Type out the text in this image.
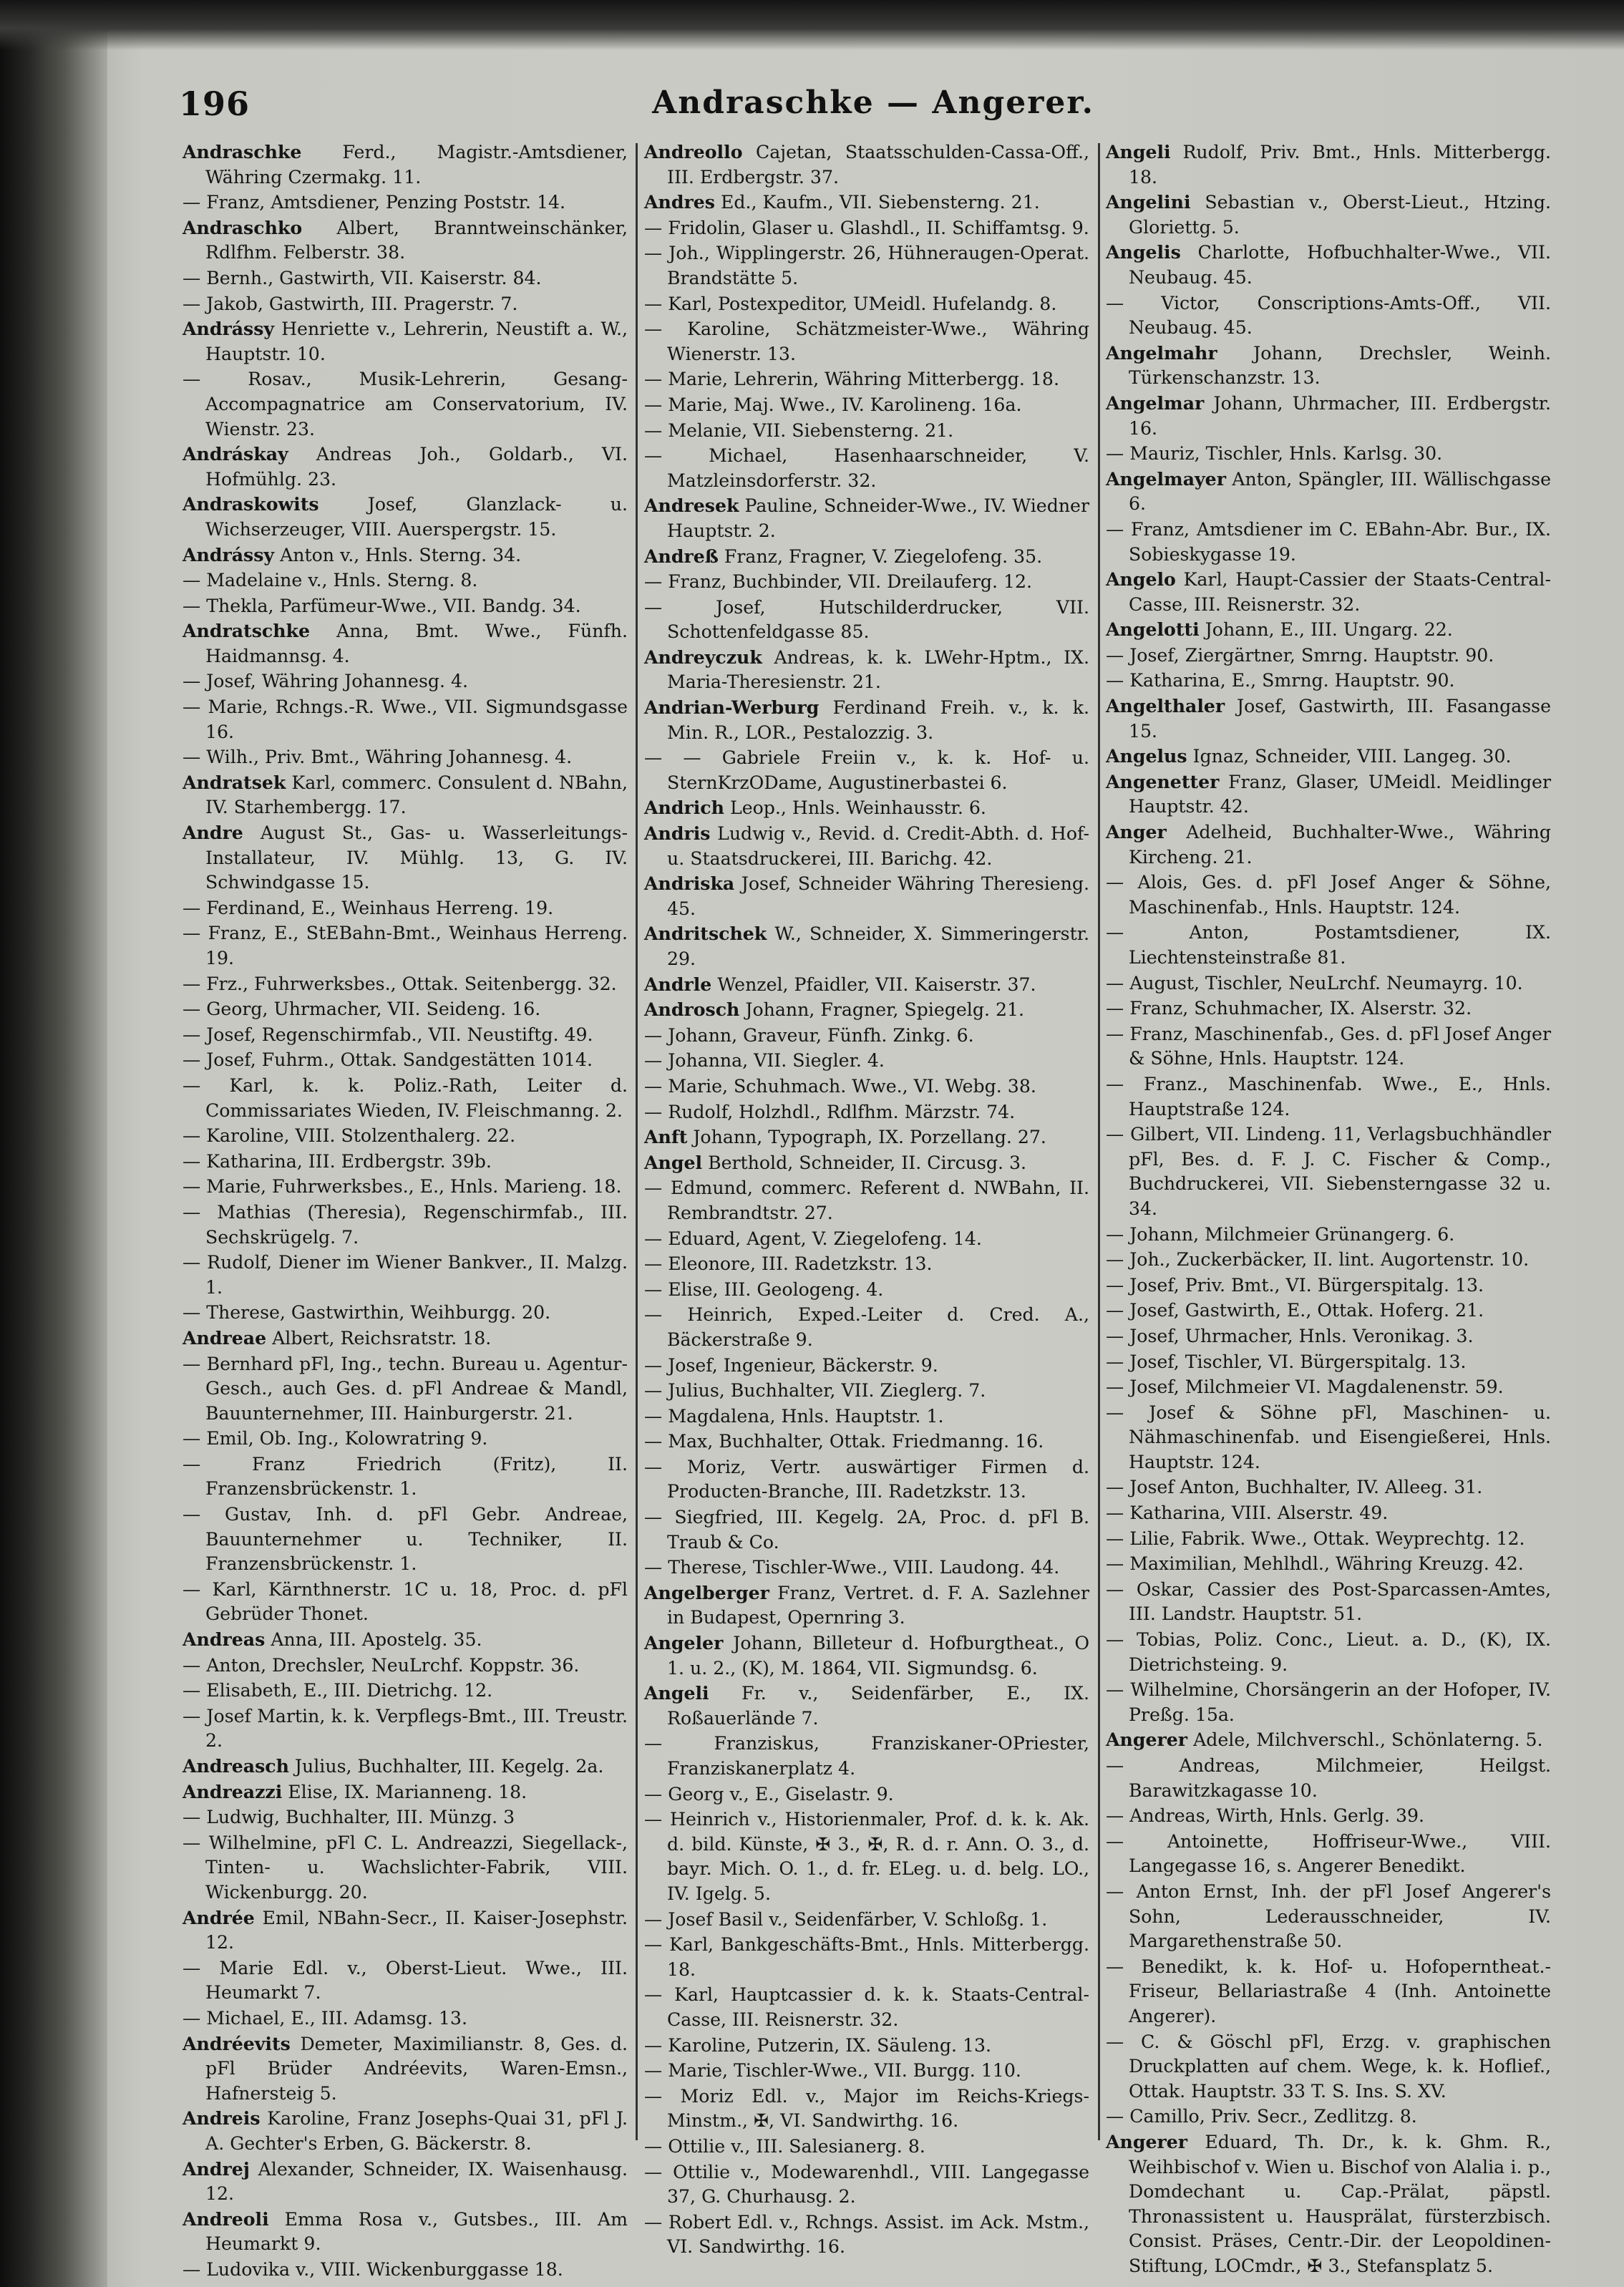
196	Andraschke — Angerer.
Andraschke Ferd., Magistr.-Amtsdiener, Währing Czermakg. 11.
— Franz, Amtsdiener, Penzing Poststr. 14.
Andraschko Albert, Branntweinschänker, Rdlfhm. Felberstr. 38.
— Bernh., Gastwirth, VII. Kaiserstr. 84.
— Jakob, Gastwirth, III. Pragerstr. 7.
Andrássy Henriette v., Lehrerin, Neustift a. W., Hauptstr. 10.
— Rosav., Musik-Lehrerin, Gesang-Accompagnatrice am Conservatorium, IV. Wienstr. 23.
Andráskay Andreas Joh., Goldarb., VI. Hofmühlg. 23.
Andraskowits Josef, Glanzlack- u. Wichserzeuger, VIII. Auerspergstr. 15.
Andrássy Anton v., Hnls. Sterng. 34.
— Madelaine v., Hnls. Sterng. 8.
— Thekla, Parfümeur-Wwe., VII. Bandg. 34.
Andratschke Anna, Bmt. Wwe., Fünfh. Haidmannsg. 4.
— Josef, Währing Johannesg. 4.
— Marie, Rchngs.-R. Wwe., VII. Sigmundsgasse 16.
— Wilh., Priv. Bmt., Währing Johannesg. 4.
Andratsek Karl, commerc. Consulent d. NBahn, IV. Starhembergg. 17.
Andre August St., Gas- u. Wasserleitungs-Installateur, IV. Mühlg. 13, G. IV. Schwindgasse 15.
— Ferdinand, E., Weinhaus Herreng. 19.
— Franz, E., StEBahn-Bmt., Weinhaus Herreng. 19.
— Frz., Fuhrwerksbes., Ottak. Seitenbergg. 32.
— Georg, Uhrmacher, VII. Seideng. 16.
— Josef, Regenschirmfab., VII. Neustiftg. 49.
— Josef, Fuhrm., Ottak. Sandgestätten 1014.
— Karl, k. k. Poliz.-Rath, Leiter d. Commissariates Wieden, IV. Fleischmanng. 2.
— Karoline, VIII. Stolzenthalerg. 22.
— Katharina, III. Erdbergstr. 39b.
— Marie, Fuhrwerksbes., E., Hnls. Marieng. 18.
— Mathias (Theresia), Regenschirmfab., III. Sechskrügelg. 7.
— Rudolf, Diener im Wiener Bankver., II. Malzg. 1.
— Therese, Gastwirthin, Weihburgg. 20.
Andreae Albert, Reichsratstr. 18.
— Bernhard pFl, Ing., techn. Bureau u. Agentur-Gesch., auch Ges. d. pFl Andreae & Mandl, Bauunternehmer, III. Hainburgerstr. 21.
— Emil, Ob. Ing., Kolowratring 9.
— Franz Friedrich (Fritz), II. Franzensbrückenstr. 1.
— Gustav, Inh. d. pFl Gebr. Andreae, Bauunternehmer u. Techniker, II. Franzensbrückenstr. 1.
— Karl, Kärnthnerstr. 1C u. 18, Proc. d. pFl Gebrüder Thonet.
Andreas Anna, III. Apostelg. 35.
— Anton, Drechsler, NeuLrchf. Koppstr. 36.
— Elisabeth, E., III. Dietrichg. 12.
— Josef Martin, k. k. Verpflegs-Bmt., III. Treustr. 2.
Andreasch Julius, Buchhalter, III. Kegelg. 2a.
Andreazzi Elise, IX. Marianneng. 18.
— Ludwig, Buchhalter, III. Münzg. 3
— Wilhelmine, pFl C. L. Andreazzi, Siegellack-, Tinten- u. Wachslichter-Fabrik, VIII. Wickenburgg. 20.
Andrée Emil, NBahn-Secr., II. Kaiser-Josephstr. 12.
— Marie Edl. v., Oberst-Lieut. Wwe., III. Heumarkt 7.
— Michael, E., III. Adamsg. 13.
Andréevits Demeter, Maximilianstr. 8, Ges. d. pFl Brüder Andréevits, Waren-Emsn., Hafnersteig 5.
Andreis Karoline, Franz Josephs-Quai 31, pFl J. A. Gechter's Erben, G. Bäckerstr. 8.
Andrej Alexander, Schneider, IX. Waisenhausg. 12.
Andreoli Emma Rosa v., Gutsbes., III. Am Heumarkt 9.
— Ludovika v., VIII. Wickenburggasse 18.
Andreollo Cajetan, Staatsschulden-Cassa-Off., III. Erdbergstr. 37.
Andres Ed., Kaufm., VII. Siebensterng. 21.
— Fridolin, Glaser u. Glashdl., II. Schiffamtsg. 9.
— Joh., Wipplingerstr. 26, Hühneraugen-Operat. Brandstätte 5.
— Karl, Postexpeditor, UMeidl. Hufelandg. 8.
— Karoline, Schätzmeister-Wwe., Währing Wienerstr. 13.
— Marie, Lehrerin, Währing Mitterbergg. 18.
— Marie, Maj. Wwe., IV. Karolineng. 16a.
— Melanie, VII. Siebensterng. 21.
— Michael, Hasenhaarschneider, V. Matzleinsdorferstr. 32.
Andresek Pauline, Schneider-Wwe., IV. Wiedner Hauptstr. 2.
Andreß Franz, Fragner, V. Ziegelofeng. 35.
— Franz, Buchbinder, VII. Dreilauferg. 12.
— Josef, Hutschilderdrucker, VII. Schottenfeldgasse 85.
Andreyczuk Andreas, k. k. LWehr-Hptm., IX. Maria-Theresienstr. 21.
Andrian-Werburg Ferdinand Freih. v., k. k. Min. R., LOR., Pestalozzig. 3.
— — Gabriele Freiin v., k. k. Hof- u. SternKrzODame, Augustinerbastei 6.
Andrich Leop., Hnls. Weinhausstr. 6.
Andris Ludwig v., Revid. d. Credit-Abth. d. Hof- u. Staatsdruckerei, III. Barichg. 42.
Andriska Josef, Schneider Währing Theresieng. 45.
Andritschek W., Schneider, X. Simmeringerstr. 29.
Andrle Wenzel, Pfaidler, VII. Kaiserstr. 37.
Androsch Johann, Fragner, Spiegelg. 21.
— Johann, Graveur, Fünfh. Zinkg. 6.
— Johanna, VII. Siegler. 4.
— Marie, Schuhmach. Wwe., VI. Webg. 38.
— Rudolf, Holzhdl., Rdlfhm. Märzstr. 74.
Anft Johann, Typograph, IX. Porzellang. 27.
Angel Berthold, Schneider, II. Circusg. 3.
— Edmund, commerc. Referent d. NWBahn, II. Rembrandtstr. 27.
— Eduard, Agent, V. Ziegelofeng. 14.
— Eleonore, III. Radetzkstr. 13.
— Elise, III. Geologeng. 4.
— Heinrich, Exped.-Leiter d. Cred. A., Bäckerstraße 9.
— Josef, Ingenieur, Bäckerstr. 9.
— Julius, Buchhalter, VII. Zieglerg. 7.
— Magdalena, Hnls. Hauptstr. 1.
— Max, Buchhalter, Ottak. Friedmanng. 16.
— Moriz, Vertr. auswärtiger Firmen d. Producten-Branche, III. Radetzkstr. 13.
— Siegfried, III. Kegelg. 2A, Proc. d. pFl B. Traub & Co.
— Therese, Tischler-Wwe., VIII. Laudong. 44.
Angelberger Franz, Vertret. d. F. A. Sazlehner in Budapest, Opernring 3.
Angeler Johann, Billeteur d. Hofburgtheat., O 1. u. 2., (K), M. 1864, VII. Sigmundsg. 6.
Angeli Fr. v., Seidenfärber, E., IX. Roßauerlände 7.
— Franziskus, Franziskaner-OPriester, Franziskanerplatz 4.
— Georg v., E., Giselastr. 9.
— Heinrich v., Historienmaler, Prof. d. k. k. Ak. d. bild. Künste, ✠ 3., ✠, R. d. r. Ann. O. 3., d. bayr. Mich. O. 1., d. fr. ELeg. u. d. belg. LO., IV. Igelg. 5.
— Josef Basil v., Seidenfärber, V. Schloßg. 1.
— Karl, Bankgeschäfts-Bmt., Hnls. Mitterbergg. 18.
— Karl, Hauptcassier d. k. k. Staats-Central-Casse, III. Reisnerstr. 32.
— Karoline, Putzerin, IX. Säuleng. 13.
— Marie, Tischler-Wwe., VII. Burgg. 110.
— Moriz Edl. v., Major im Reichs-Kriegs-Minstm., ✠, VI. Sandwirthg. 16.
— Ottilie v., III. Salesianerg. 8.
— Ottilie v., Modewarenhdl., VIII. Langegasse 37, G. Churhausg. 2.
— Robert Edl. v., Rchngs. Assist. im Ack. Mstm., VI. Sandwirthg. 16.
Angeli Rudolf, Priv. Bmt., Hnls. Mitterbergg. 18.
Angelini Sebastian v., Oberst-Lieut., Htzing. Gloriettg. 5.
Angelis Charlotte, Hofbuchhalter-Wwe., VII. Neubaug. 45.
— Victor, Conscriptions-Amts-Off., VII. Neubaug. 45.
Angelmahr Johann, Drechsler, Weinh. Türkenschanzstr. 13.
Angelmar Johann, Uhrmacher, III. Erdbergstr. 16.
— Mauriz, Tischler, Hnls. Karlsg. 30.
Angelmayer Anton, Spängler, III. Wällischgasse 6.
— Franz, Amtsdiener im C. EBahn-Abr. Bur., IX. Sobieskygasse 19.
Angelo Karl, Haupt-Cassier der Staats-Central-Casse, III. Reisnerstr. 32.
Angelotti Johann, E., III. Ungarg. 22.
— Josef, Ziergärtner, Smrng. Hauptstr. 90.
— Katharina, E., Smrng. Hauptstr. 90.
Angelthaler Josef, Gastwirth, III. Fasangasse 15.
Angelus Ignaz, Schneider, VIII. Langeg. 30.
Angenetter Franz, Glaser, UMeidl. Meidlinger Hauptstr. 42.
Anger Adelheid, Buchhalter-Wwe., Währing Kircheng. 21.
— Alois, Ges. d. pFl Josef Anger & Söhne, Maschinenfab., Hnls. Hauptstr. 124.
— Anton, Postamtsdiener, IX. Liechtensteinstraße 81.
— August, Tischler, NeuLrchf. Neumayrg. 10.
— Franz, Schuhmacher, IX. Alserstr. 32.
— Franz, Maschinenfab., Ges. d. pFl Josef Anger & Söhne, Hnls. Hauptstr. 124.
— Franz., Maschinenfab. Wwe., E., Hnls. Hauptstraße 124.
— Gilbert, VII. Lindeng. 11, Verlagsbuchhändler pFl, Bes. d. F. J. C. Fischer & Comp., Buchdruckerei, VII. Siebensterngasse 32 u. 34.
— Johann, Milchmeier Grünangerg. 6.
— Joh., Zuckerbäcker, II. lint. Augortenstr. 10.
— Josef, Priv. Bmt., VI. Bürgerspitalg. 13.
— Josef, Gastwirth, E., Ottak. Hoferg. 21.
— Josef, Uhrmacher, Hnls. Veronikag. 3.
— Josef, Tischler, VI. Bürgerspitalg. 13.
— Josef, Milchmeier VI. Magdalenenstr. 59.
— Josef & Söhne pFl, Maschinen- u. Nähmaschinenfab. und Eisengießerei, Hnls. Hauptstr. 124.
— Josef Anton, Buchhalter, IV. Alleeg. 31.
— Katharina, VIII. Alserstr. 49.
— Lilie, Fabrik. Wwe., Ottak. Weyprechtg. 12.
— Maximilian, Mehlhdl., Währing Kreuzg. 42.
— Oskar, Cassier des Post-Sparcassen-Amtes, III. Landstr. Hauptstr. 51.
— Tobias, Poliz. Conc., Lieut. a. D., (K), IX. Dietrichsteing. 9.
— Wilhelmine, Chorsängerin an der Hofoper, IV. Preßg. 15a.
Angerer Adele, Milchverschl., Schönlaterng. 5.
— Andreas, Milchmeier, Heilgst. Barawitzkagasse 10.
— Andreas, Wirth, Hnls. Gerlg. 39.
— Antoinette, Hoffriseur-Wwe., VIII. Langegasse 16, s. Angerer Benedikt.
— Anton Ernst, Inh. der pFl Josef Angerer's Sohn, Lederausschneider, IV. Margarethenstraße 50.
— Benedikt, k. k. Hof- u. Hofoperntheat.-Friseur, Bellariastraße 4 (Inh. Antoinette Angerer).
— C. & Göschl pFl, Erzg. v. graphischen Druckplatten auf chem. Wege, k. k. Hoflief., Ottak. Hauptstr. 33 T. S. Ins. S. XV.
— Camillo, Priv. Secr., Zedlitzg. 8.
Angerer Eduard, Th. Dr., k. k. Ghm. R., Weihbischof v. Wien u. Bischof von Alalia i. p., Domdechant u. Cap.-Prälat, päpstl. Thronassistent u. Hausprälat, fürsterzbisch. Consist. Präses, Centr.-Dir. der Leopoldinen-Stiftung, LOCmdr., ✠ 3., Stefansplatz 5.
